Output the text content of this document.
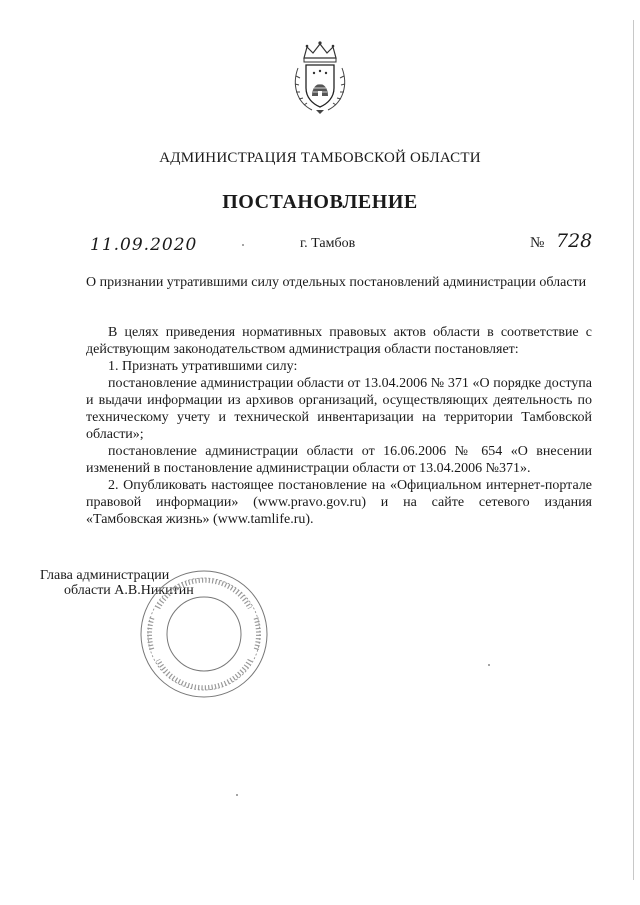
АДМИНИСТРАЦИЯ ТАМБОВСКОЙ ОБЛАСТИ
ПОСТАНОВЛЕНИЕ
11.09.2020	г. Тамбов	№ 728
О признании утратившими силу отдельных постановлений администрации области

В целях приведения нормативных правовых актов области в соответствие с действующим законодательством администрация области постановляет:

1. Признать утратившими силу:

постановление администрации области от 13.04.2006 № 371 «О порядке доступа и выдачи информации из архивов организаций, осуществляющих деятельность по техническому учету и технической инвентаризации на территории Тамбовской области»;

постановление администрации области от 16.06.2006 № 654 «О внесении изменений в постановление администрации области от 13.04.2006 №371».

2. Опубликовать настоящее постановление на «Официальном интернет-портале правовой информации» (www.pravo.gov.ru) и на сайте сетевого издания «Тамбовская жизнь» (www.tamlife.ru).

Глава администрации
области А.В.Никитин
